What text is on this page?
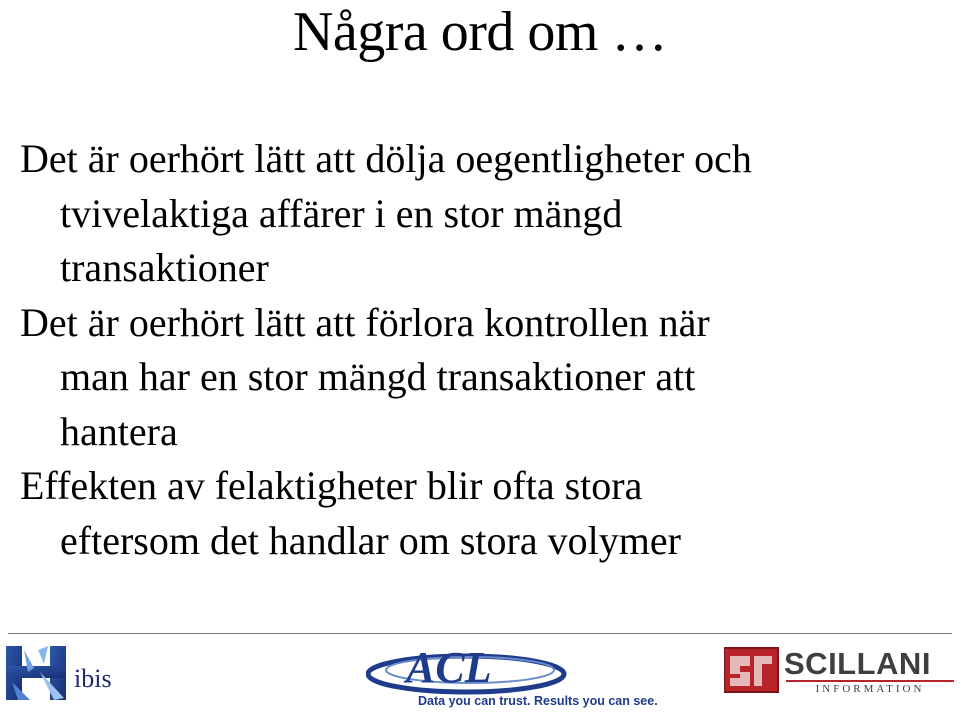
Några ord om …
Det är oerhört lätt att dölja oegentligheter och
tvivelaktiga affärer i en stor mängd
transaktioner
Det är oerhört lätt att förlora kontrollen när
man har en stor mängd transaktioner att
hantera
Effekten av felaktigheter blir ofta stora
eftersom det handlar om stora volymer
ibis	ACL
Data you can trust. Results you can see.
SCILLANI
INFORMATION
